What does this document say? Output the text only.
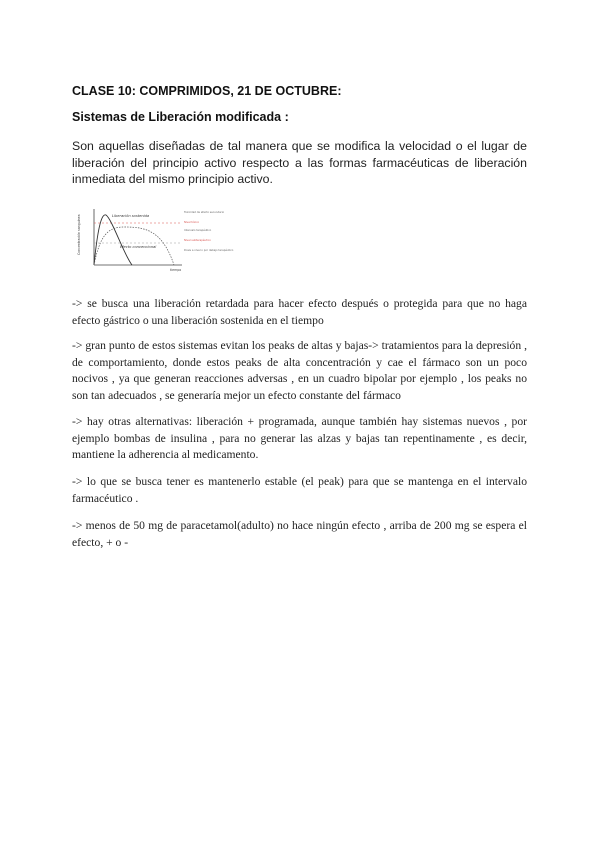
CLASE 10: COMPRIMIDOS, 21 DE OCTUBRE:
Sistemas de Liberación modificada :
Son aquellas diseñadas de tal manera que se modifica la velocidad o el lugar de liberación del principio activo respecto a las formas farmacéuticas de liberación inmediata del mismo principio activo.
Liberación sostenida
Efecto convencional
Concentración sanguínea
tiempo
Toxicidad de efecto secundario
Nivel tóxico
Intervalo terapéutico
Nivel subterapéutico
Dosis a nivel o por debajo terapéutico
-> se busca una liberación retardada para hacer efecto después o protegida para que no haga efecto gástrico o una liberación sostenida en el tiempo
-> gran punto de estos sistemas evitan los peaks de altas y bajas-> tratamientos para la depresión , de comportamiento, donde estos peaks de alta concentración y cae el fármaco son un poco nocivos , ya que generan reacciones adversas , en un cuadro bipolar por ejemplo , los peaks no son tan adecuados , se generaría mejor un efecto constante del fármaco
-> hay otras alternativas: liberación + programada, aunque también hay sistemas nuevos , por ejemplo bombas de insulina , para no generar las alzas y bajas tan repentinamente , es decir, mantiene la adherencia al medicamento.
-> lo que se busca tener es mantenerlo estable (el peak) para que se mantenga en el intervalo farmacéutico .
-> menos de 50 mg de paracetamol(adulto) no hace ningún efecto , arriba de 200 mg se espera el efecto, + o -
